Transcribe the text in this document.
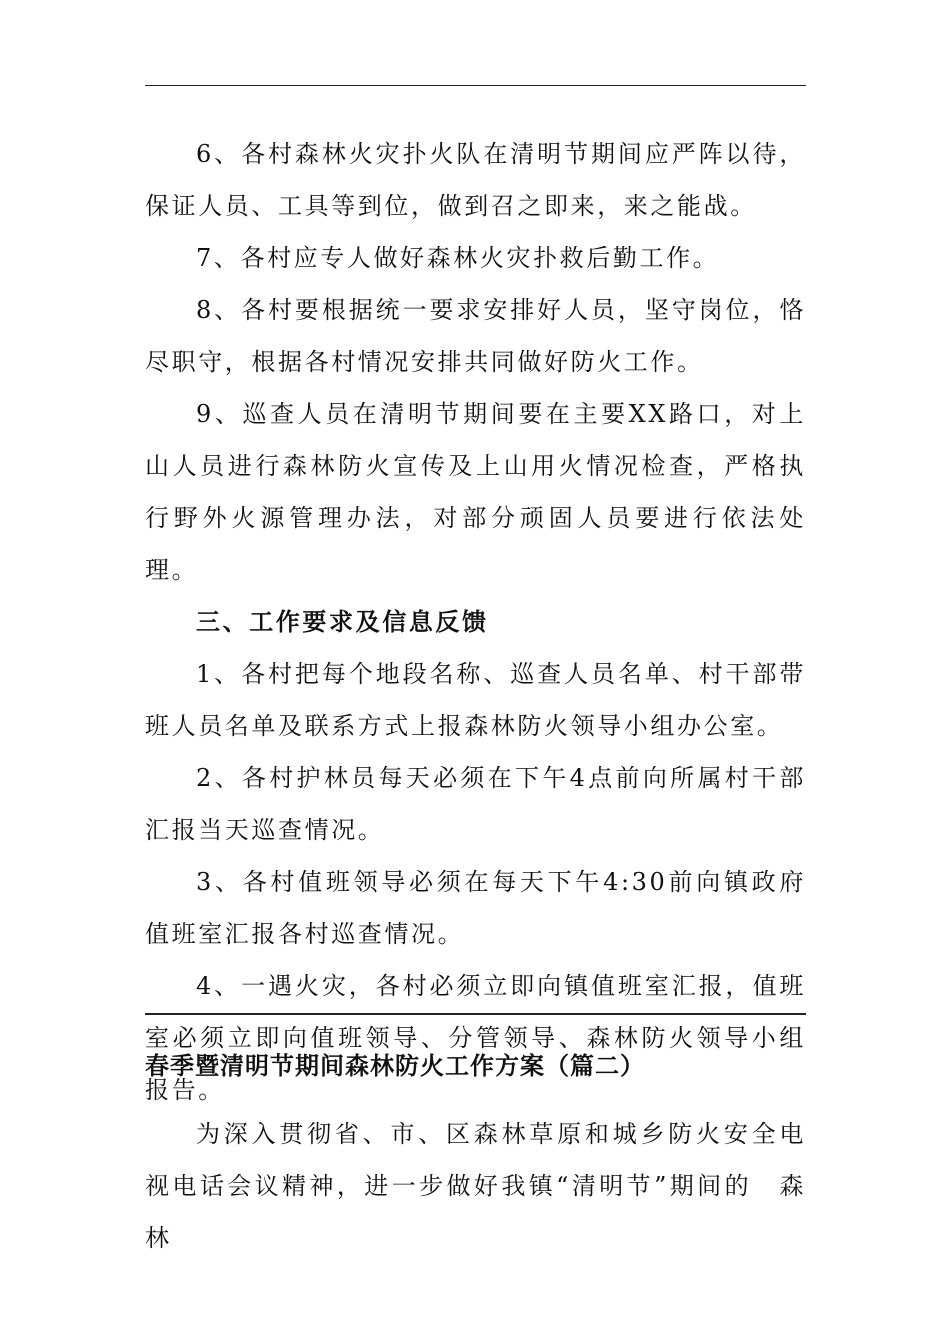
6、各村森林火灾扑火队在清明节期间应严阵以待，保证人员、工具等到位，做到召之即来，来之能战。

7、各村应专人做好森林火灾扑救后勤工作。

8、各村要根据统一要求安排好人员，坚守岗位，恪尽职守，根据各村情况安排共同做好防火工作。

9、巡查人员在清明节期间要在主要XX路口，对上山人员进行森林防火宣传及上山用火情况检查，严格执行野外火源管理办法，对部分顽固人员要进行依法处理。

三、工作要求及信息反馈

1、各村把每个地段名称、巡查人员名单、村干部带班人员名单及联系方式上报森林防火领导小组办公室。

2、各村护林员每天必须在下午4点前向所属村干部汇报当天巡查情况。

3、各村值班领导必须在每天下午4:30前向镇政府值班室汇报各村巡查情况。

4、一遇火灾，各村必须立即向镇值班室汇报，值班室必须立即向值班领导、分管领导、森林防火领导小组报告。

春季暨清明节期间森林防火工作方案（篇二）

为深入贯彻省、市、区森林草原和城乡防火安全电视电话会议精神，进一步做好我镇“清明节”期间的　森林
